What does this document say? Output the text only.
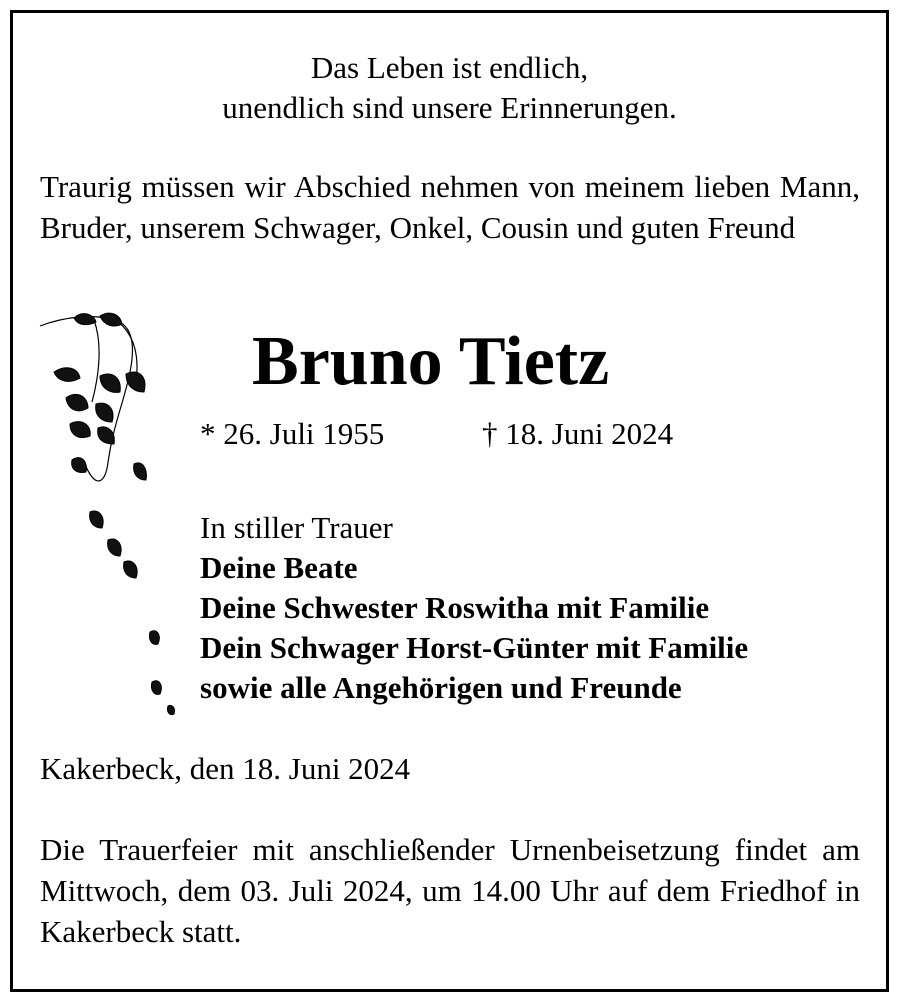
Das Leben ist endlich,
unendlich sind unsere Erinnerungen.
Traurig müssen wir Abschied nehmen von meinem lieben Mann, Bruder, unserem Schwager, Onkel, Cousin und guten Freund
Bruno Tietz
* 26. Juli 1955	† 18. Juni 2024
In stiller Trauer
Deine Beate
Deine Schwester Roswitha mit Familie
Dein Schwager Horst-Günter mit Familie
sowie alle Angehörigen und Freunde
Kakerbeck, den 18. Juni 2024
Die Trauerfeier mit anschließender Urnenbeisetzung findet am Mittwoch, dem 03. Juli 2024, um 14.00 Uhr auf dem Friedhof in Kakerbeck statt.
